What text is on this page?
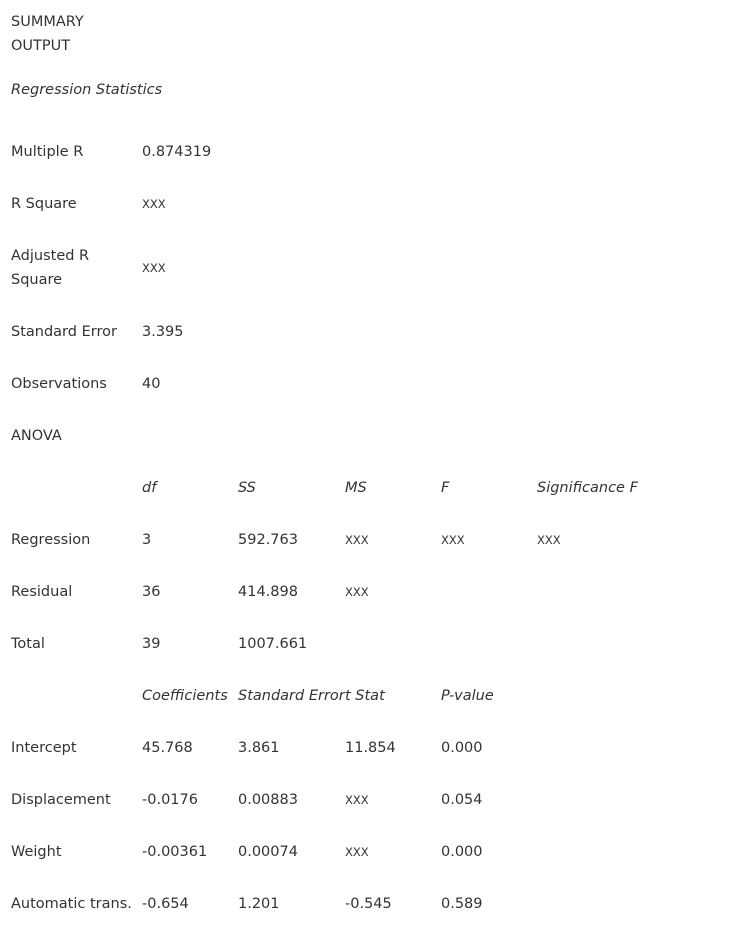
SUMMARY
OUTPUT
Regression Statistics					
Multiple R	0.874319				
R Square	XXX				

Adjusted R
Square	XXX				
Standard Error	3.395				
Observations	40				
ANOVA					
	df	SS	MS	F	Significance F
Regression	3	592.763	XXX	XXX	XXX
Residual	36	414.898	XXX		
Total	39	1007.661			
	Coefficients	Standard Error	t Stat	P-value	
Intercept	45.768	3.861	11.854	0.000	
Displacement	-0.0176	0.00883	XXX	0.054	
Weight	-0.00361	0.00074	XXX	0.000	
Automatic trans.	-0.654	1.201	-0.545	0.589	
